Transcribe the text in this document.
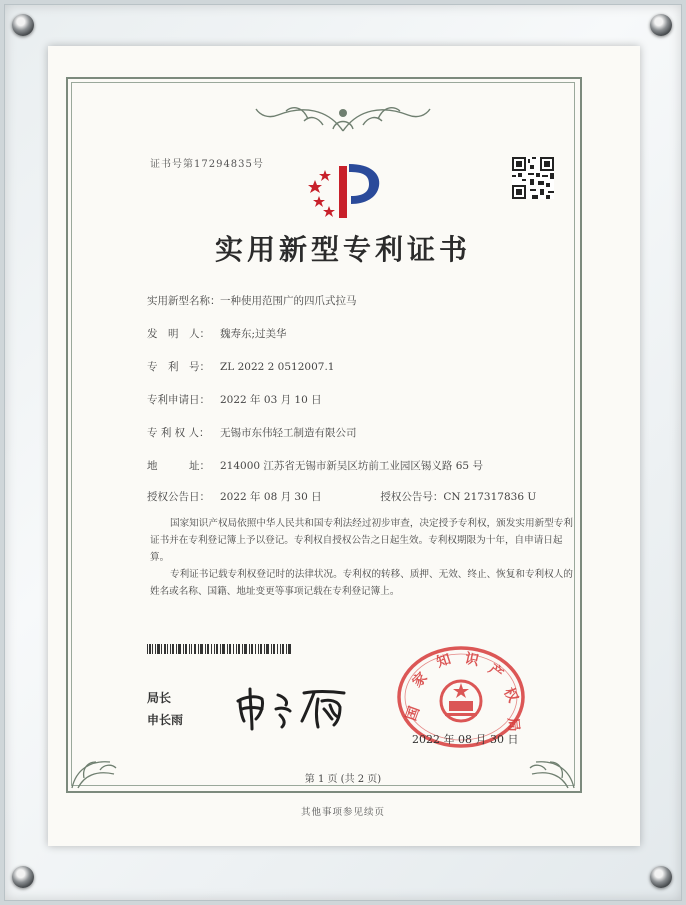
证书号第17294835号
实用新型专利证书
实用新型名称：一种使用范围广的四爪式拉马
发　明　人： 魏寿东;过美华
专　利　号： ZL 2022 2 0512007.1
专利申请日： 2022 年 03 月 10 日
专 利 权 人： 无锡市东伟轻工制造有限公司
地　　　址： 214000 江苏省无锡市新吴区坊前工业园区锡义路 65 号
授权公告日： 2022 年 08 月 30 日	授权公告号：CN 217317836 U
国家知识产权局依照中华人民共和国专利法经过初步审查，决定授予专利权，颁发实用新型专利证书并在专利登记簿上予以登记。专利权自授权公告之日起生效。专利权期限为十年，自申请日起算。
专利证书记载专利权登记时的法律状况。专利权的转移、质押、无效、终止、恢复和专利权人的姓名或名称、国籍、地址变更等事项记载在专利登记簿上。
局长
申长雨	国
家
知 识
产
权
局
2022 年 08 月 30 日
第 1 页 (共 2 页)
其他事项参见续页
